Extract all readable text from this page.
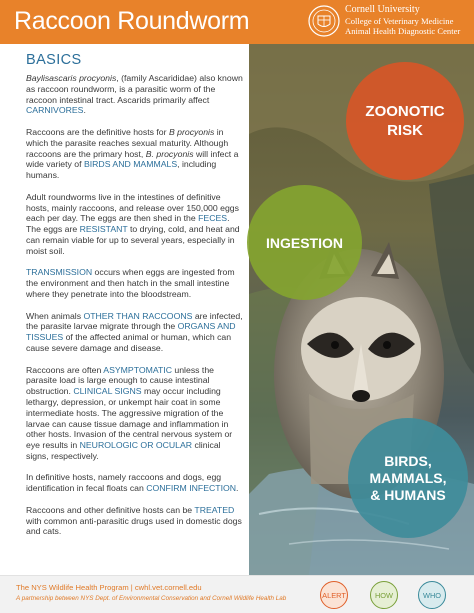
Raccoon Roundworm	Cornell University
College of Veterinary Medicine
Animal Health Diagnostic Center
BASICS

Baylisascaris procyonis, (family Ascarididae) also known as raccoon roundworm, is a parasitic worm of the raccoon intestinal tract. Ascarids primarily affect CARNIVORES.

Raccoons are the definitive hosts for B procyonis in which the parasite reaches sexual maturity. Although raccoons are the primary host, B. procyonis will infect a wide variety of BIRDS AND MAMMALS, including humans.

Adult roundworms live in the intestines of definitive hosts, mainly raccoons, and release over 150,000 eggs each per day. The eggs are then shed in the FECES. The eggs are RESISTANT to drying, cold, and heat and can remain viable for up to several years, especially in moist soil.

TRANSMISSION occurs when eggs are ingested from the environment and then hatch in the small intestine where they penetrate into the bloodstream.

When animals OTHER THAN RACCOONS are infected, the parasite larvae migrate through the ORGANS AND TISSUES of the affected animal or human, which can cause severe damage and disease.

Raccoons are often ASYMPTOMATIC unless the parasite load is large enough to cause intestinal obstruction. CLINICAL SIGNS may occur including lethargy, depression, or unkempt hair coat in some intermediate hosts. The aggressive migration of the larvae can cause tissue damage and inflammation in other hosts. Invasion of the central nervous system or eye results in NEUROLOGIC OR OCULAR clinical signs, respectively.

In definitive hosts, namely raccoons and dogs, egg identification in fecal floats can CONFIRM INFECTION.

Raccoons and other definitive hosts can be TREATED with common anti-parasitic drugs used in domestic dogs and cats.

ZOONOTIC
RISK
INGESTION
BIRDS,
MAMMALS,
& HUMANS
The NYS Wildlife Health Program | cwhl.vet.cornell.edu
A partnership between NYS Dept. of Environmental Conservation and Cornell Wildlife Health Lab	ALERT	HOW	WHO
